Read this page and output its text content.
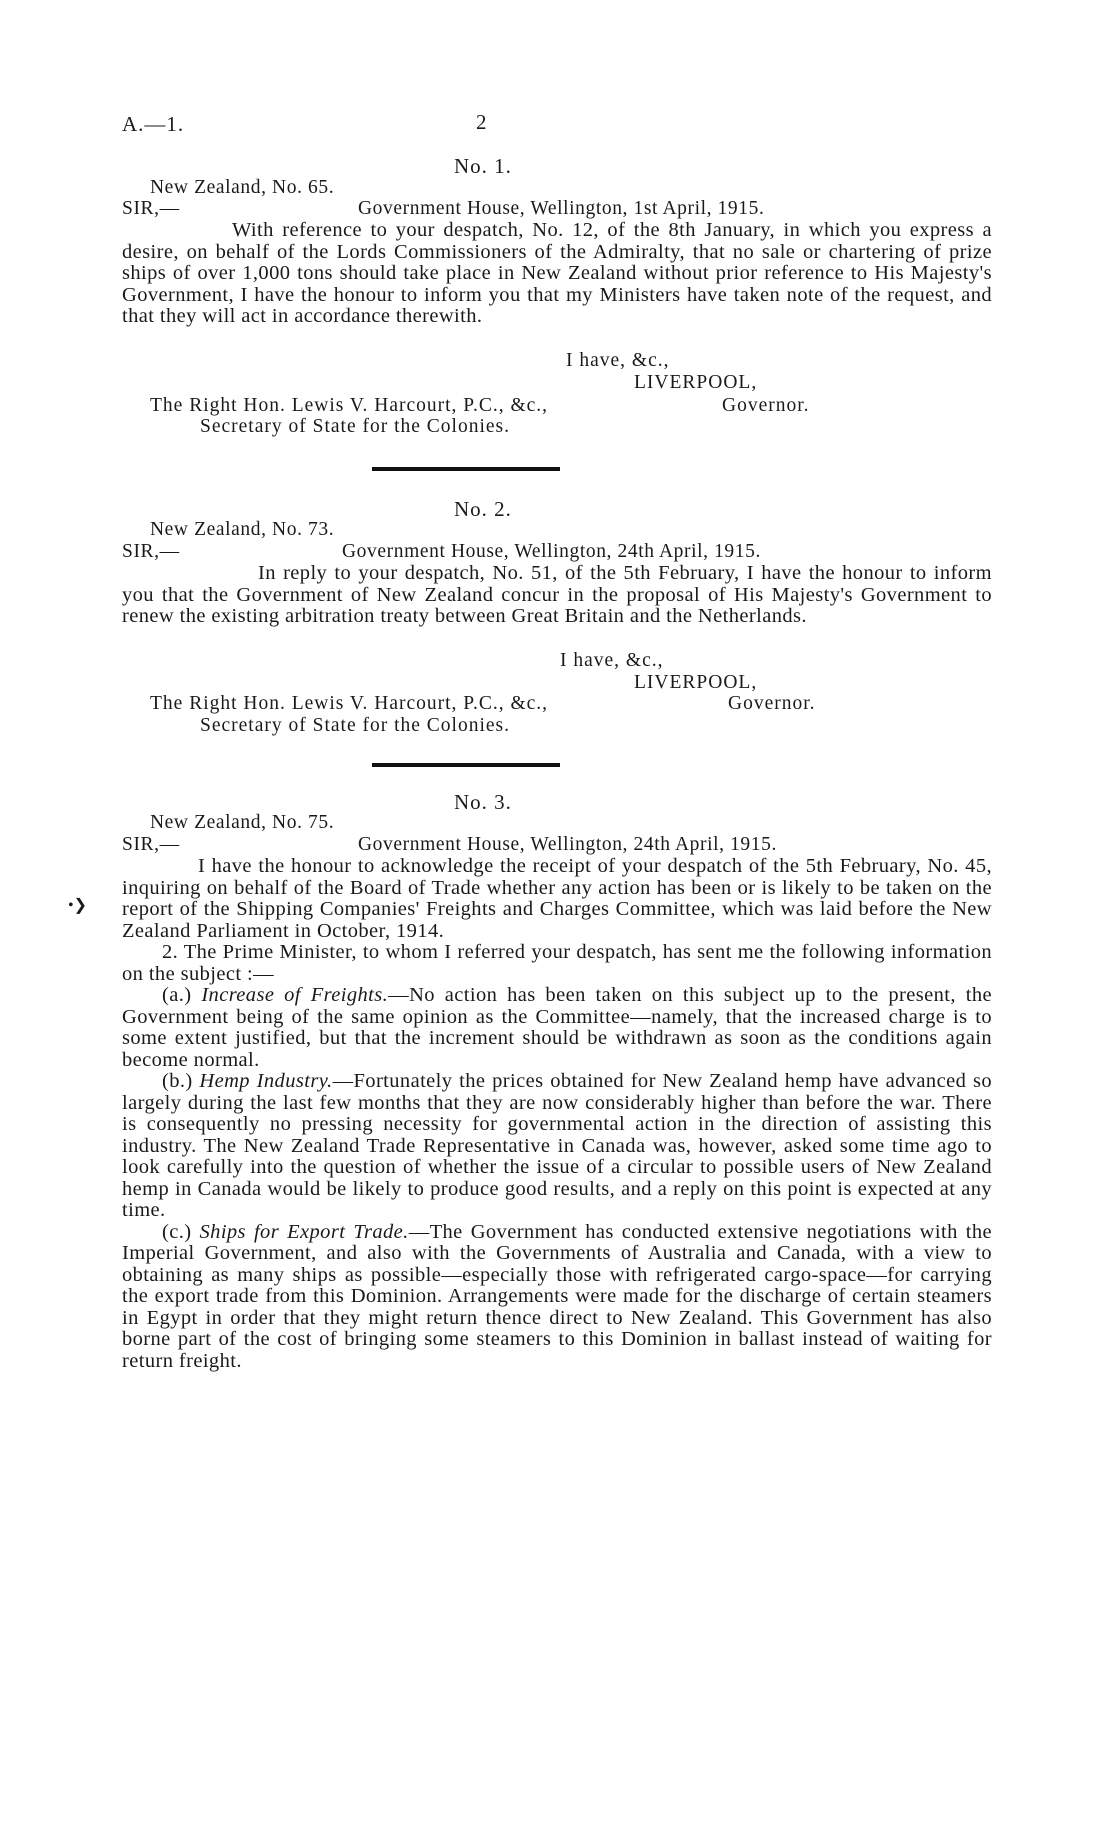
A.—1.	2
No. 1.
New Zealand, No. 65.
SIR,—	Government House, Wellington, 1st April, 1915.

With reference to your despatch, No. 12, of the 8th January, in which you express a desire, on behalf of the Lords Commissioners of the Admiralty, that no sale or chartering of prize ships of over 1,000 tons should take place in New Zealand without prior reference to His Majesty's Government, I have the honour to inform you that my Ministers have taken note of the request, and that they will act in accordance therewith.

I have, &c.,
LIVERPOOL,
Governor.
The Right Hon. Lewis V. Harcourt, P.C., &c.,
Secretary of State for the Colonies.
No. 2.
New Zealand, No. 73.
SIR,—	Government House, Wellington, 24th April, 1915.

In reply to your despatch, No. 51, of the 5th February, I have the honour to inform you that the Government of New Zealand concur in the proposal of His Majesty's Government to renew the existing arbitration treaty between Great Britain and the Netherlands.

I have, &c.,
LIVERPOOL,
Governor.
The Right Hon. Lewis V. Harcourt, P.C., &c.,
Secretary of State for the Colonies.
No. 3.
New Zealand, No. 75.
SIR,—	Government House, Wellington, 24th April, 1915.
•❯

I have the honour to acknowledge the receipt of your despatch of the 5th February, No. 45, inquiring on behalf of the Board of Trade whether any action has been or is likely to be taken on the report of the Shipping Companies' Freights and Charges Committee, which was laid before the New Zealand Parliament in October, 1914.

2. The Prime Minister, to whom I referred your despatch, has sent me the following information on the subject :—

(a.) Increase of Freights.—No action has been taken on this subject up to the present, the Government being of the same opinion as the Committee—namely, that the increased charge is to some extent justified, but that the increment should be withdrawn as soon as the conditions again become normal.

(b.) Hemp Industry.—Fortunately the prices obtained for New Zealand hemp have advanced so largely during the last few months that they are now considerably higher than before the war. There is consequently no pressing necessity for governmental action in the direction of assisting this industry. The New Zealand Trade Representative in Canada was, however, asked some time ago to look carefully into the question of whether the issue of a circular to possible users of New Zealand hemp in Canada would be likely to produce good results, and a reply on this point is expected at any time.

(c.) Ships for Export Trade.—The Government has conducted extensive negotiations with the Imperial Government, and also with the Governments of Australia and Canada, with a view to obtaining as many ships as possible—especially those with refrigerated cargo-space—for carrying the export trade from this Dominion. Arrangements were made for the discharge of certain steamers in Egypt in order that they might return thence direct to New Zealand. This Government has also borne part of the cost of bringing some steamers to this Dominion in ballast instead of waiting for return freight.
